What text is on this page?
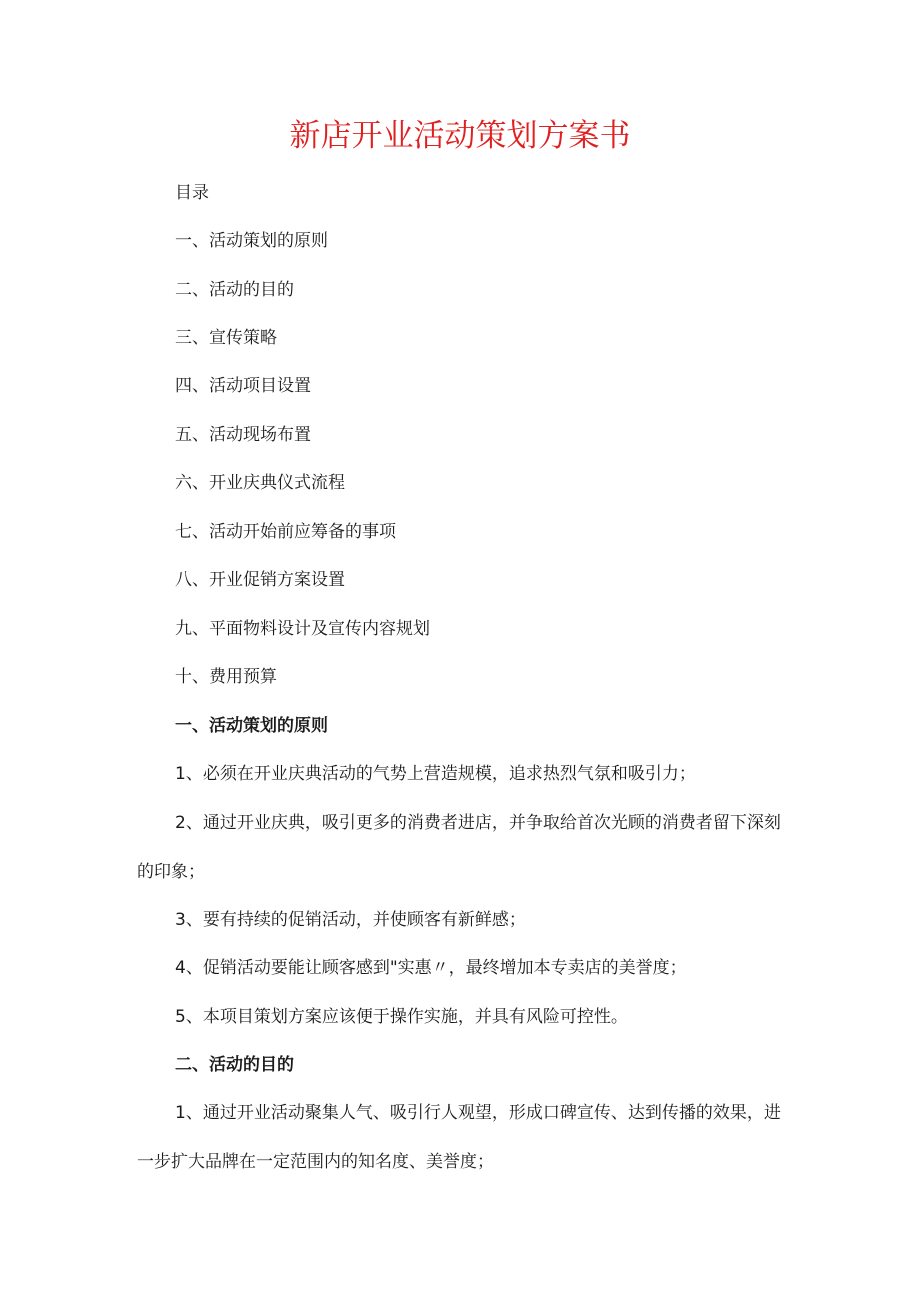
新店开业活动策划方案书
目录
一、活动策划的原则
二、活动的目的
三、宣传策略
四、活动项目设置
五、活动现场布置
六、开业庆典仪式流程
七、活动开始前应筹备的事项
八、开业促销方案设置
九、平面物料设计及宣传内容规划
十、费用预算
一、活动策划的原则
1、必须在开业庆典活动的气势上营造规模，追求热烈气氛和吸引力；
2、通过开业庆典，吸引更多的消费者进店，并争取给首次光顾的消费者留下深刻的印象；
3、要有持续的促销活动，并使顾客有新鲜感；
4、促销活动要能让顾客感到"实惠〃，最终增加本专卖店的美誉度；
5、本项目策划方案应该便于操作实施，并具有风险可控性。
二、活动的目的
1、通过开业活动聚集人气、吸引行人观望，形成口碑宣传、达到传播的效果，进一步扩大品牌在一定范围内的知名度、美誉度；
